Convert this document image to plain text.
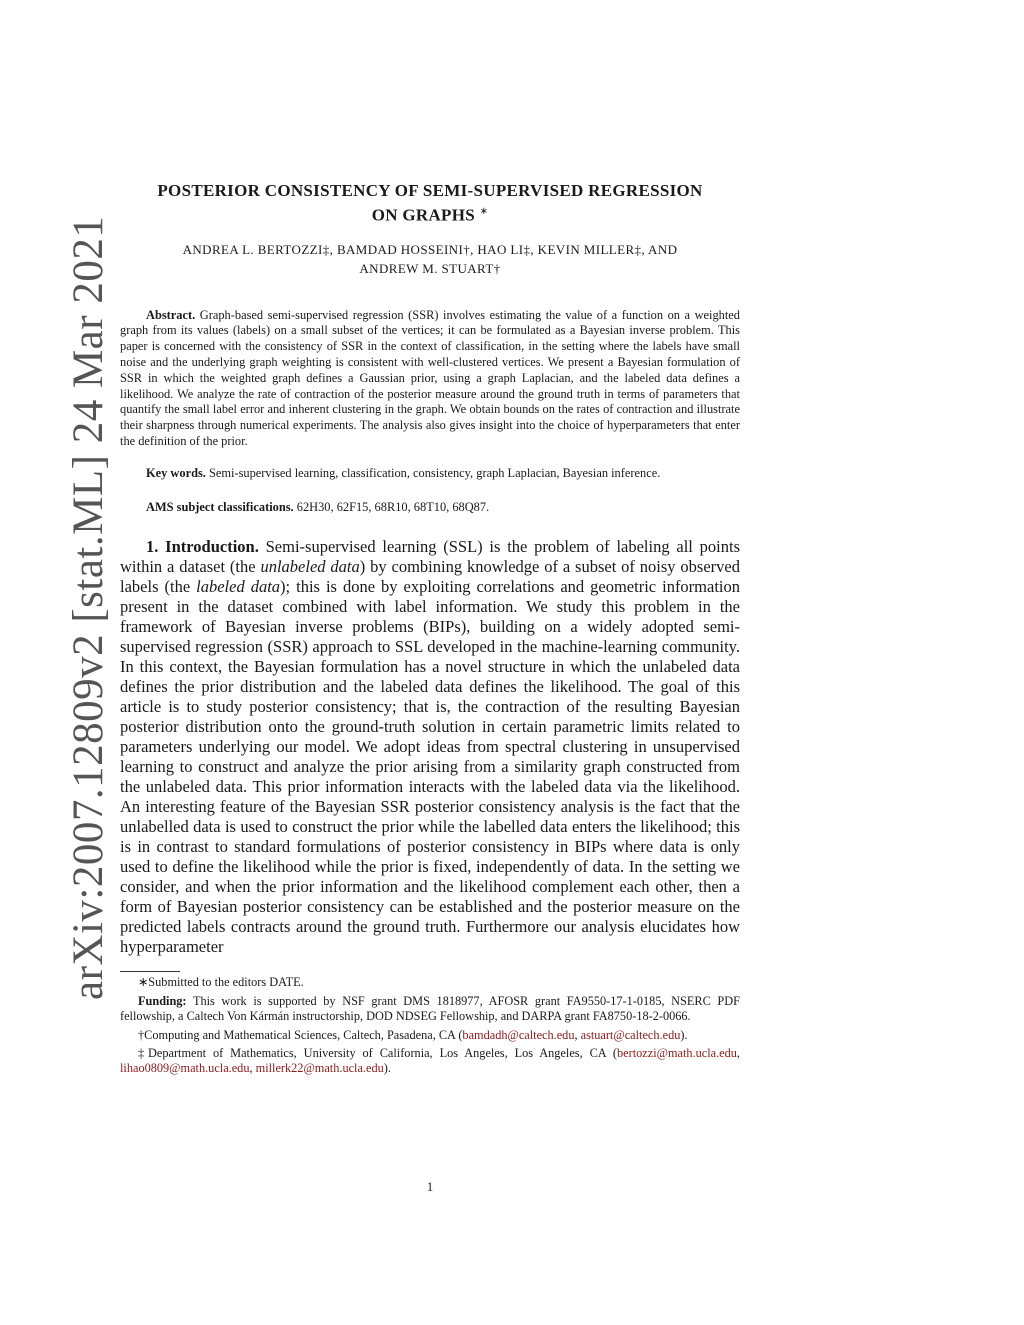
arXiv:2007.12809v2 [stat.ML] 24 Mar 2021
POSTERIOR CONSISTENCY OF SEMI-SUPERVISED REGRESSION
ON GRAPHS ∗
ANDREA L. BERTOZZI‡, BAMDAD HOSSEINI†, HAO LI‡, KEVIN MILLER‡, AND
ANDREW M. STUART†

Abstract. Graph-based semi-supervised regression (SSR) involves estimating the value of a function on a weighted graph from its values (labels) on a small subset of the vertices; it can be formulated as a Bayesian inverse problem. This paper is concerned with the consistency of SSR in the context of classification, in the setting where the labels have small noise and the underlying graph weighting is consistent with well-clustered vertices. We present a Bayesian formulation of SSR in which the weighted graph defines a Gaussian prior, using a graph Laplacian, and the labeled data defines a likelihood. We analyze the rate of contraction of the posterior measure around the ground truth in terms of parameters that quantify the small label error and inherent clustering in the graph. We obtain bounds on the rates of contraction and illustrate their sharpness through numerical experiments. The analysis also gives insight into the choice of hyperparameters that enter the definition of the prior.

Key words. Semi-supervised learning, classification, consistency, graph Laplacian, Bayesian inference.

AMS subject classifications. 62H30, 62F15, 68R10, 68T10, 68Q87.

1. Introduction. Semi-supervised learning (SSL) is the problem of labeling all points within a dataset (the unlabeled data) by combining knowledge of a subset of noisy observed labels (the labeled data); this is done by exploiting correlations and geometric information present in the dataset combined with label information. We study this problem in the framework of Bayesian inverse problems (BIPs), building on a widely adopted semi-supervised regression (SSR) approach to SSL developed in the machine-learning community. In this context, the Bayesian formulation has a novel structure in which the unlabeled data defines the prior distribution and the labeled data defines the likelihood. The goal of this article is to study posterior consistency; that is, the contraction of the resulting Bayesian posterior distribution onto the ground-truth solution in certain parametric limits related to parameters underlying our model. We adopt ideas from spectral clustering in unsupervised learning to construct and analyze the prior arising from a similarity graph constructed from the unlabeled data. This prior information interacts with the labeled data via the likelihood. An interesting feature of the Bayesian SSR posterior consistency analysis is the fact that the unlabelled data is used to construct the prior while the labelled data enters the likelihood; this is in contrast to standard formulations of posterior consistency in BIPs where data is only used to define the likelihood while the prior is fixed, independently of data. In the setting we consider, and when the prior information and the likelihood complement each other, then a form of Bayesian posterior consistency can be established and the posterior measure on the predicted labels contracts around the ground truth. Furthermore our analysis elucidates how hyperparameter

∗Submitted to the editors DATE.

Funding: This work is supported by NSF grant DMS 1818977, AFOSR grant FA9550-17-1-0185, NSERC PDF fellowship, a Caltech Von Kármán instructorship, DOD NDSEG Fellowship, and DARPA grant FA8750-18-2-0066.

†Computing and Mathematical Sciences, Caltech, Pasadena, CA (bamdadh@caltech.edu, astuart@caltech.edu).

‡Department of Mathematics, University of California, Los Angeles, Los Angeles, CA (bertozzi@math.ucla.edu, lihao0809@math.ucla.edu, millerk22@math.ucla.edu).

1
